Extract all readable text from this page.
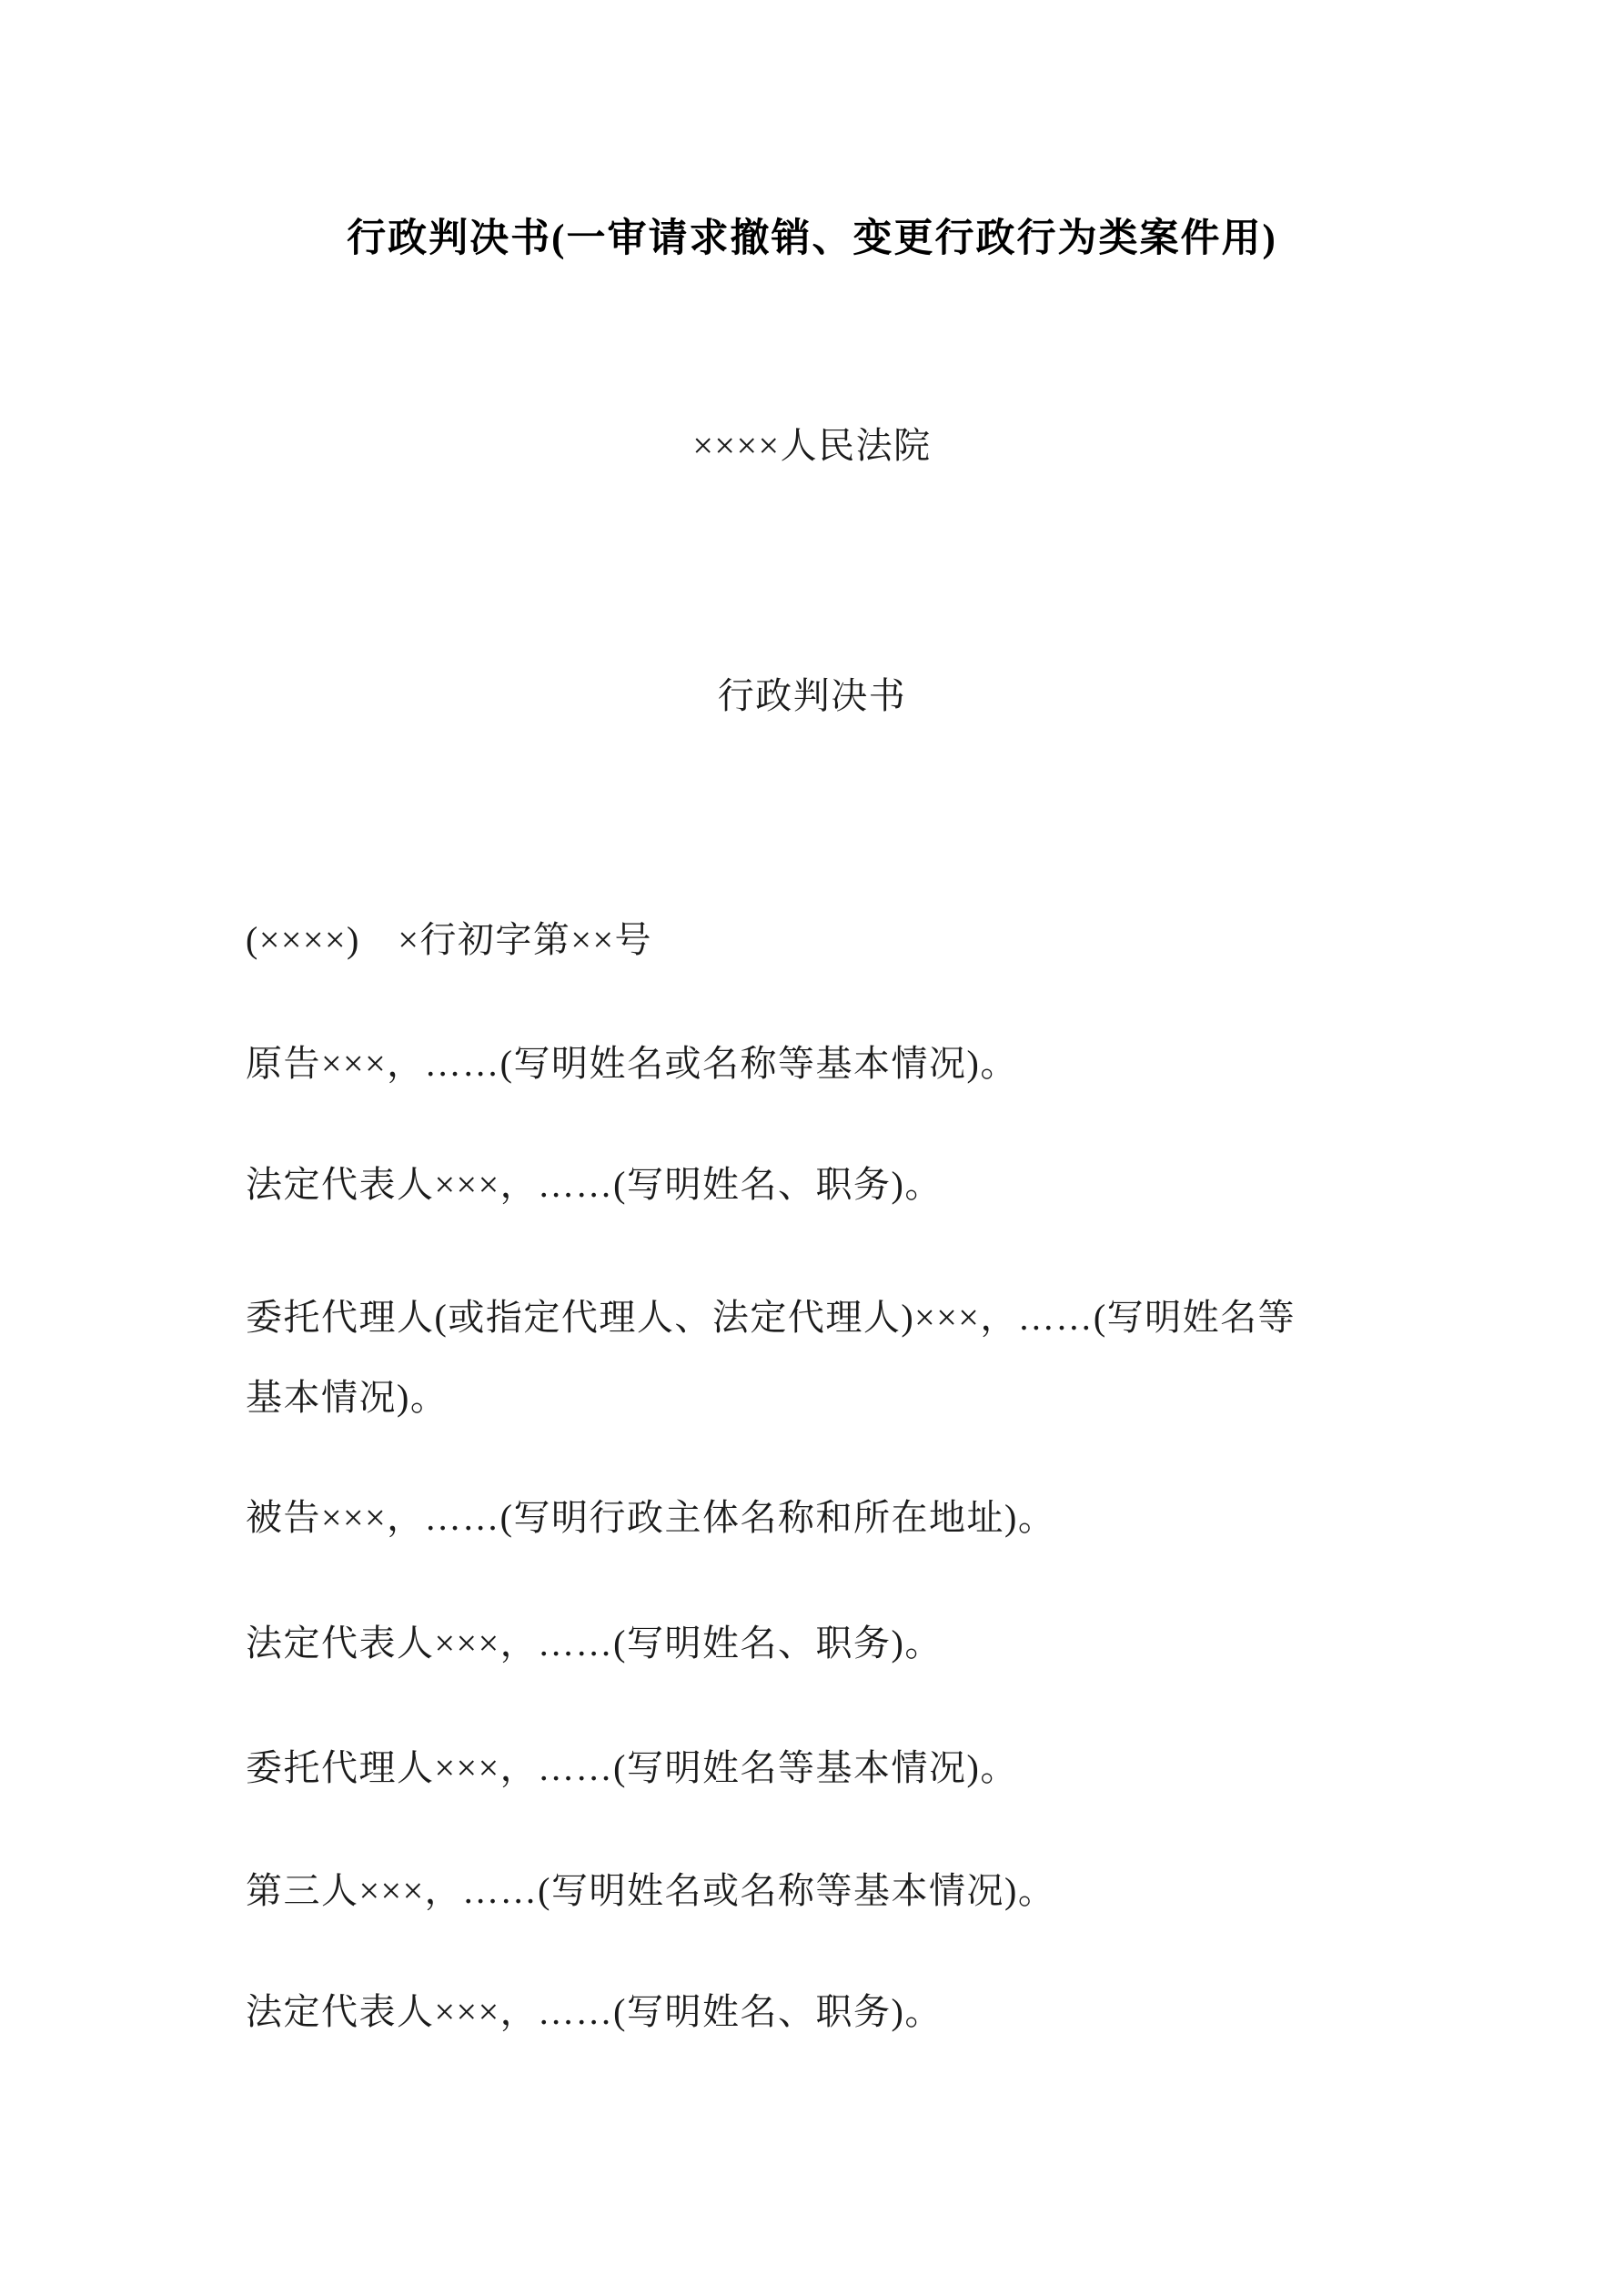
行政判决书(一审请求撤销、变更行政行为类案件用)
××××人民法院
行政判决书
(××××)　×行初字第××号
原告×××，……(写明姓名或名称等基本情况)。
法定代表人×××，……(写明姓名、职务)。
委托代理人(或指定代理人、法定代理人)×××，……(写明姓名等
基本情况)。
被告×××，……(写明行政主体名称和所在地址)。
法定代表人×××，……(写明姓名、职务)。
委托代理人×××，……(写明姓名等基本情况)。
第三人×××，……(写明姓名或名称等基本情况)。
法定代表人×××，……(写明姓名、职务)。
